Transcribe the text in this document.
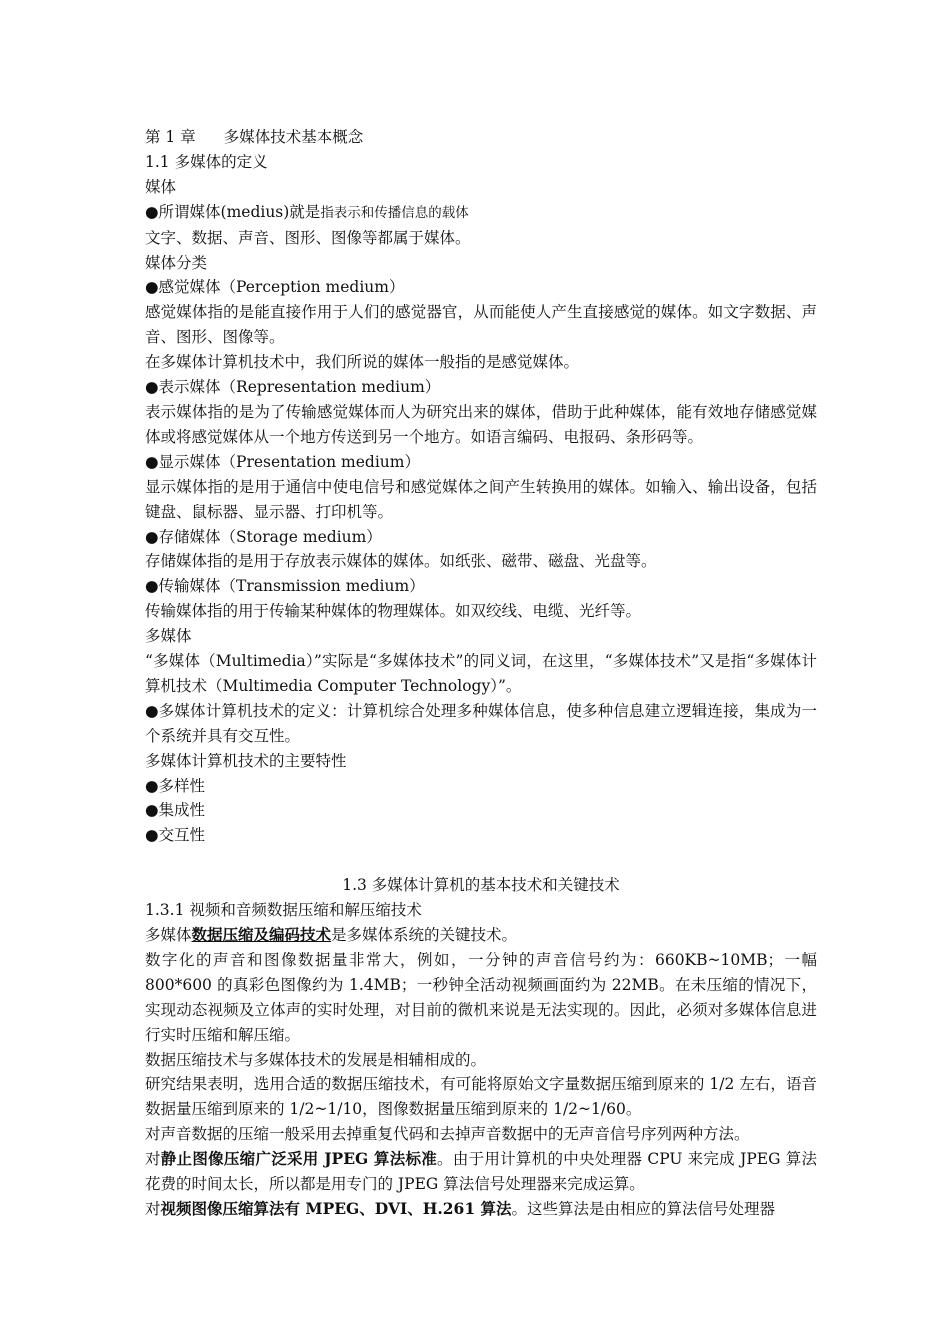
第 1 章 多媒体技术基本概念
1.1 多媒体的定义
媒体
●所谓媒体(medius)就是指表示和传播信息的载体
文字、数据、声音、图形、图像等都属于媒体。
媒体分类
●感觉媒体（Perception medium）
感觉媒体指的是能直接作用于人们的感觉器官，从而能使人产生直接感觉的媒体。如文字数据、声音、图形、图像等。
在多媒体计算机技术中，我们所说的媒体一般指的是感觉媒体。
●表示媒体（Representation medium）
表示媒体指的是为了传输感觉媒体而人为研究出来的媒体，借助于此种媒体，能有效地存储感觉媒体或将感觉媒体从一个地方传送到另一个地方。如语言编码、电报码、条形码等。
●显示媒体（Presentation medium）
显示媒体指的是用于通信中使电信号和感觉媒体之间产生转换用的媒体。如输入、输出设备，包括键盘、鼠标器、显示器、打印机等。
●存储媒体（Storage medium）
存储媒体指的是用于存放表示媒体的媒体。如纸张、磁带、磁盘、光盘等。
●传输媒体（Transmission medium）
传输媒体指的用于传输某种媒体的物理媒体。如双绞线、电缆、光纤等。
多媒体
“多媒体（Multimedia）”实际是“多媒体技术”的同义词，在这里，“多媒体技术”又是指“多媒体计算机技术（Multimedia Computer Technology）”。
●多媒体计算机技术的定义：计算机综合处理多种媒体信息，使多种信息建立逻辑连接，集成为一个系统并具有交互性。
多媒体计算机技术的主要特性
●多样性
●集成性
●交互性
1.3 多媒体计算机的基本技术和关键技术
1.3.1 视频和音频数据压缩和解压缩技术
多媒体数据压缩及编码技术是多媒体系统的关键技术。
数字化的声音和图像数据量非常大，例如，一分钟的声音信号约为：660KB~10MB；一幅800*600 的真彩色图像约为 1.4MB；一秒钟全活动视频画面约为 22MB。在未压缩的情况下，实现动态视频及立体声的实时处理，对目前的微机来说是无法实现的。因此，必须对多媒体信息进行实时压缩和解压缩。
数据压缩技术与多媒体技术的发展是相辅相成的。
研究结果表明，选用合适的数据压缩技术，有可能将原始文字量数据压缩到原来的 1/2 左右，语音数据量压缩到原来的 1/2~1/10，图像数据量压缩到原来的 1/2~1/60。
对声音数据的压缩一般采用去掉重复代码和去掉声音数据中的无声音信号序列两种方法。
对静止图像压缩广泛采用 JPEG 算法标准。由于用计算机的中央处理器 CPU 来完成 JPEG 算法花费的时间太长，所以都是用专门的 JPEG 算法信号处理器来完成运算。
对视频图像压缩算法有 MPEG、DVI、H.261 算法。这些算法是由相应的算法信号处理器
